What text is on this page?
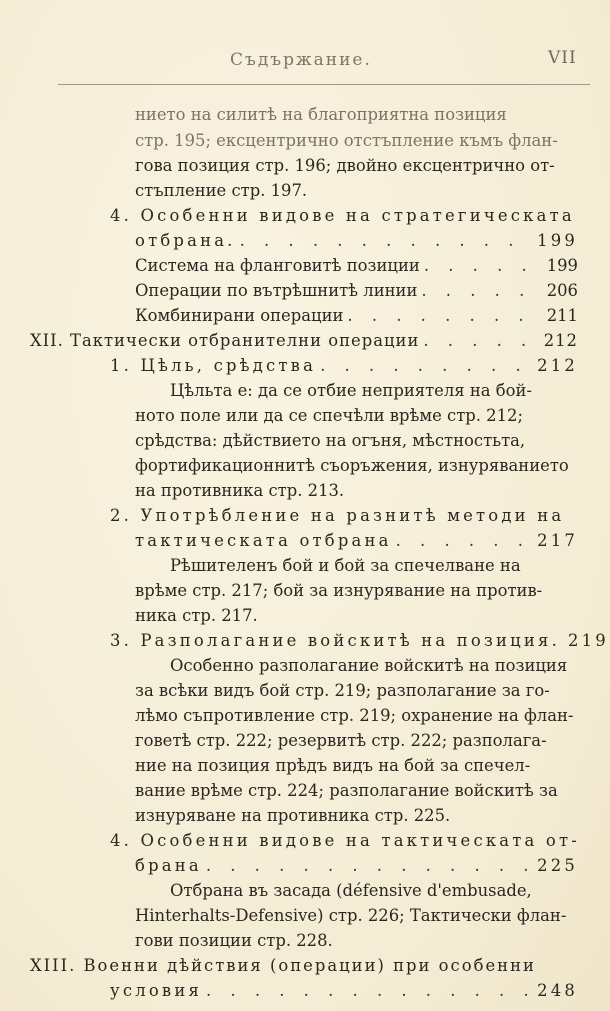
Съдържание.	VII
нието на силитѣ на благоприятна позиция
стр. 195; ексцентрично отстъпление къмъ флан-
гова позиция стр. 196; двойно ексцентрично от-
стъпление стр. 197.
4. Особенни видове на стратегическата
отбрана. . . .	199
Система на фланговитѣ позиции . . .	199
Операции по вътрѣшнитѣ линии . . .	206
Комбинирани операции . . .	211
XII. Тактически отбранителни операции . . .	212
1. Цѣль, срѣдства . . .	212
Цѣльта е: да се отбие неприятеля на бой-
ното поле или да се спечѣли врѣме стр. 212;
срѣдства: дѣйствието на огъня, мѣстностьта,
фортификационнитѣ съоръжения, изнуряванието
на противника стр. 213.
2. Употрѣбление на разнитѣ методи на
тактическата отбрана . . .	217
Рѣшителенъ бой и бой за спечелване на
врѣме стр. 217; бой за изнурявание на против-
ника стр. 217.
3. Разполагание войскитѣ на позиция. 219
Особенно разполагание войскитѣ на позиция
за всѣки видъ бой стр. 219; разполагание за го-
лѣмо съпротивление стр. 219; охранение на флан-
говетѣ стр. 222; резервитѣ стр. 222; разполага-
ние на позиция прѣдъ видъ на бой за спечел-
вание врѣме стр. 224; разполагание войскитѣ за
изнуряване на противника стр. 225.
4. Особенни видове на тактическата от-
брана . . .	225
Отбрана въ засада (défensive d'embusade,
Hinterhalts-Defensive) стр. 226; Тактически флан-
гови позиции стр. 228.
XIII. Военни дѣйствия (операции) при особенни
условия . . .	248
